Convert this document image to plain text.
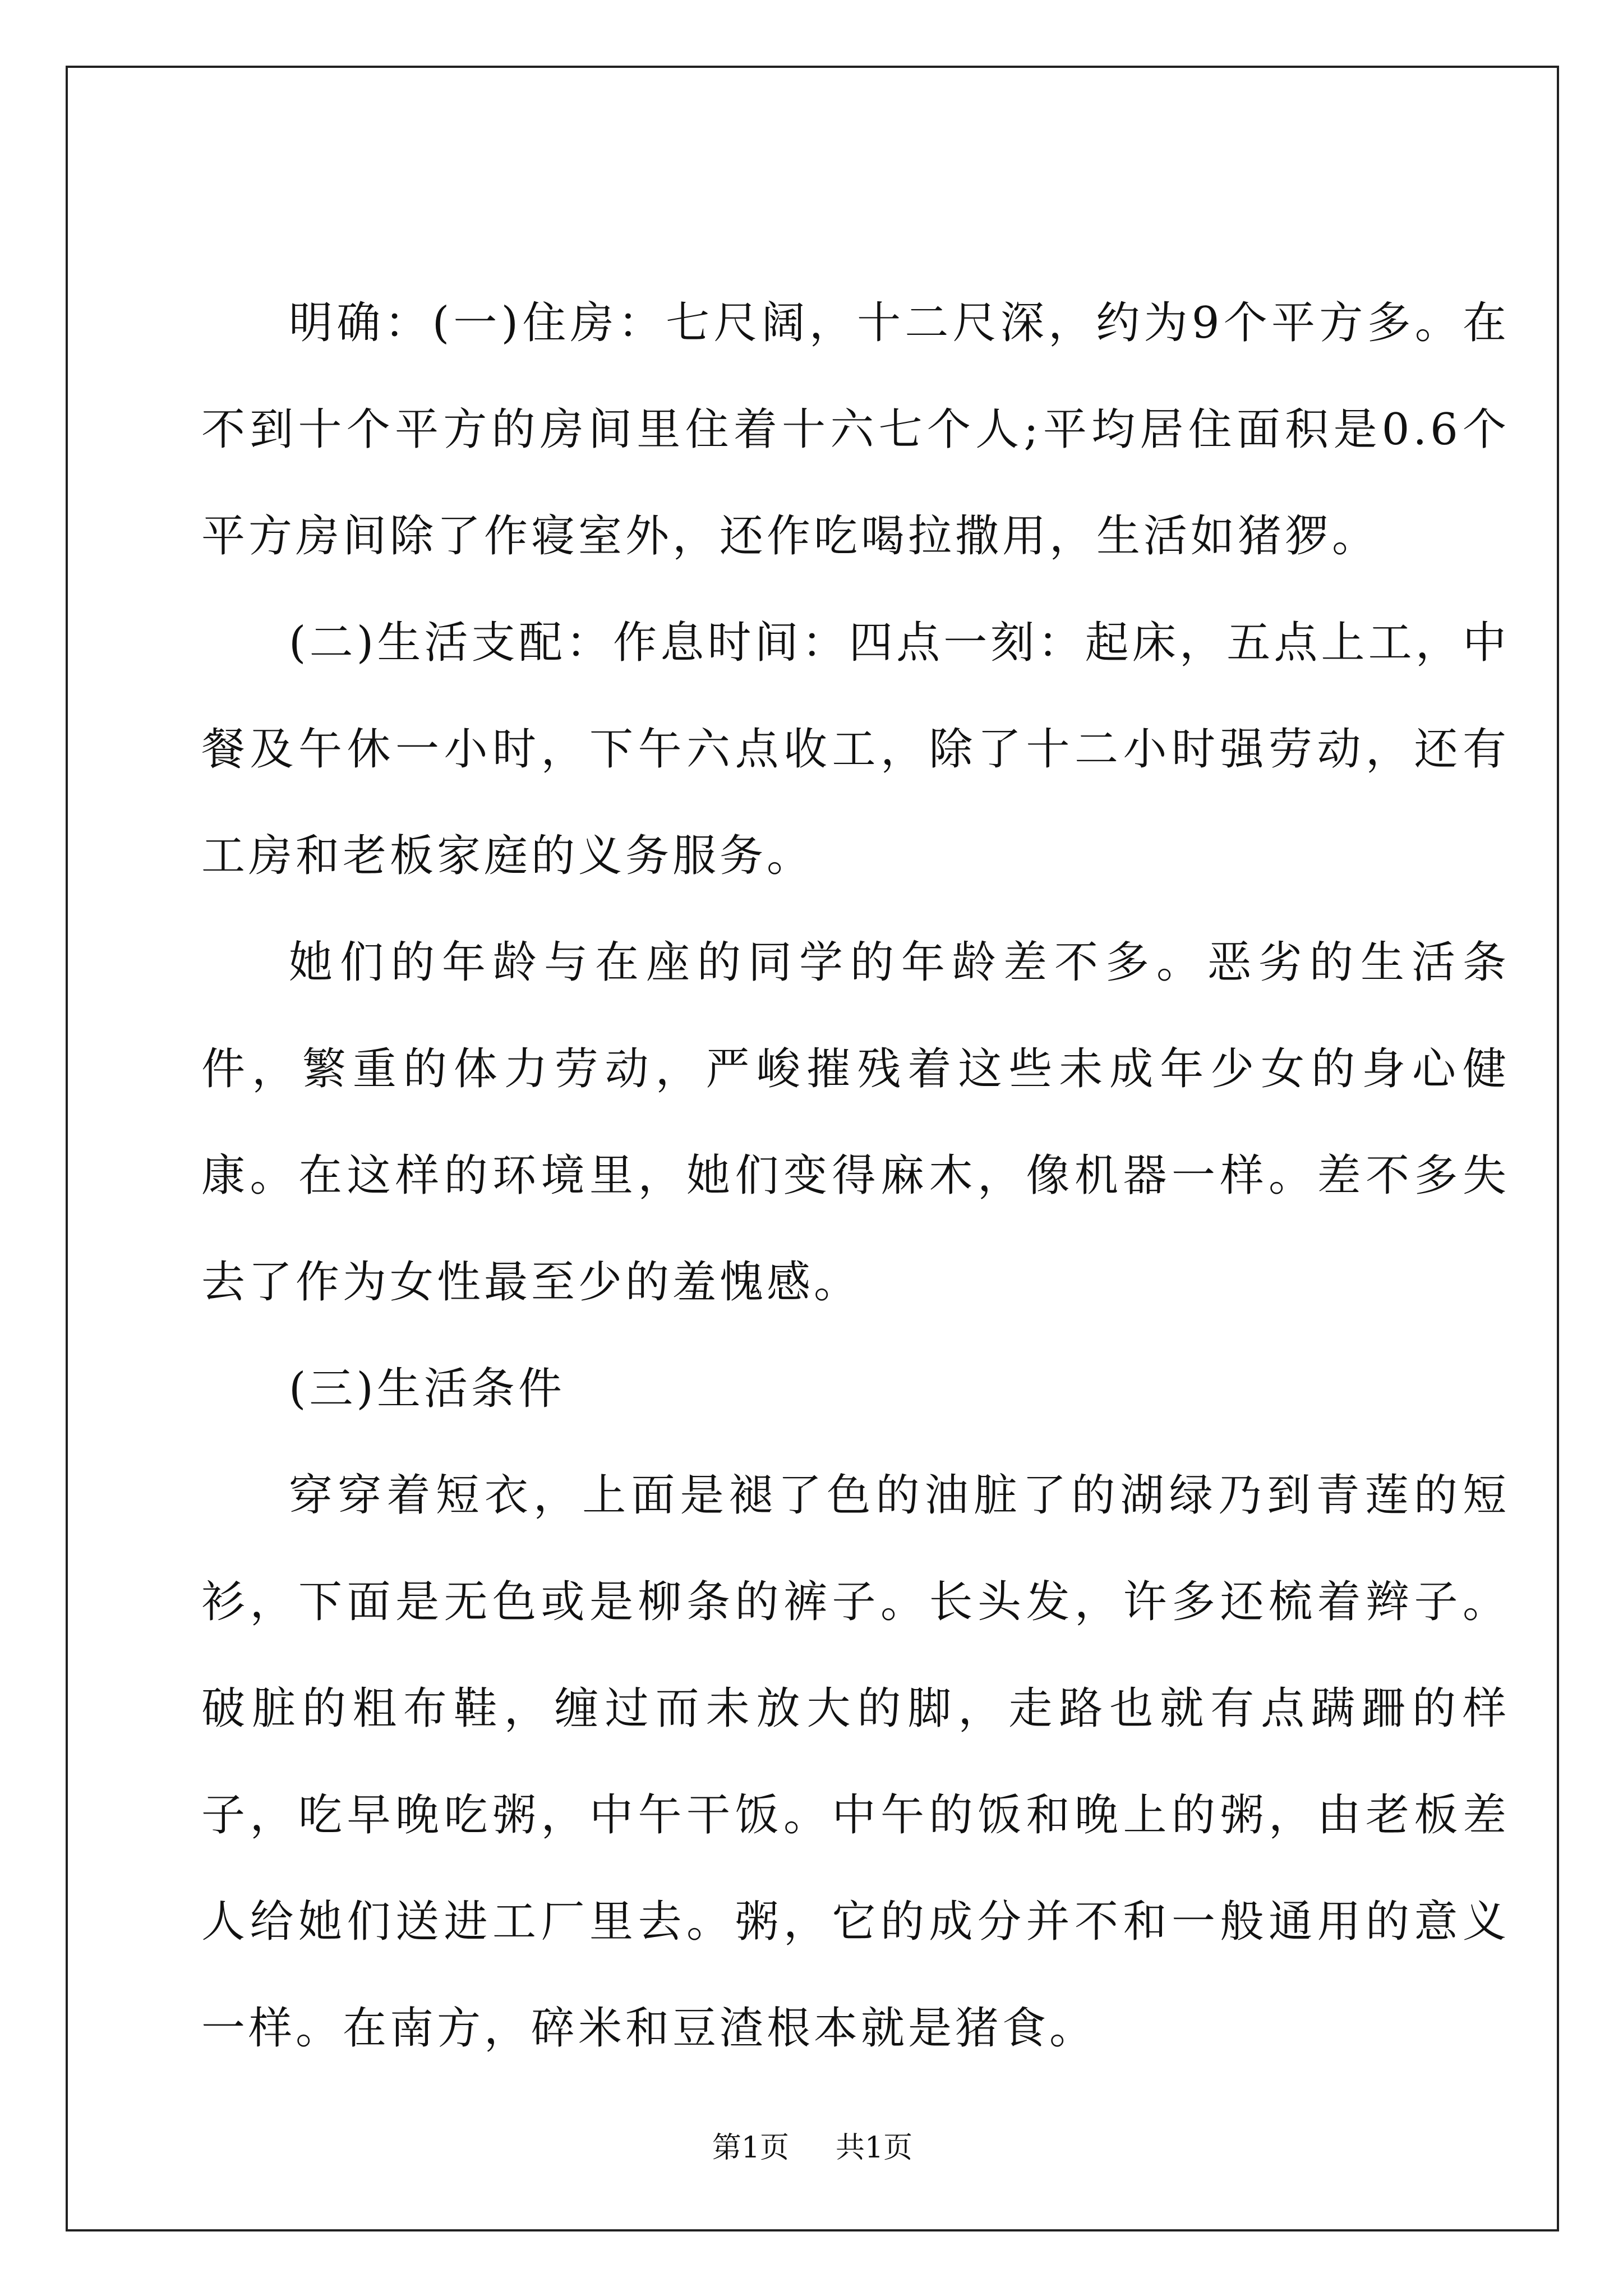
明确：(一)住房：七尺阔，十二尺深，约为9个平方多。在不到十个平方的房间里住着十六七个人;平均居住面积是0.6个平方房间除了作寝室外，还作吃喝拉撒用，生活如猪猡。

(二)生活支配：作息时间：四点一刻：起床，五点上工，中餐及午休一小时，下午六点收工，除了十二小时强劳动，还有工房和老板家庭的义务服务。

她们的年龄与在座的同学的年龄差不多。恶劣的生活条件，繁重的体力劳动，严峻摧残着这些未成年少女的身心健康。在这样的环境里，她们变得麻木，像机器一样。差不多失去了作为女性最至少的羞愧感。

(三)生活条件

穿穿着短衣，上面是褪了色的油脏了的湖绿乃到青莲的短衫，下面是无色或是柳条的裤子。长头发，许多还梳着辫子。破脏的粗布鞋，缠过而未放大的脚，走路也就有点蹒跚的样子，吃早晚吃粥，中午干饭。中午的饭和晚上的粥，由老板差人给她们送进工厂里去。粥，它的成分并不和一般通用的意义一样。在南方，碎米和豆渣根本就是猪食。

第1页 共1页
